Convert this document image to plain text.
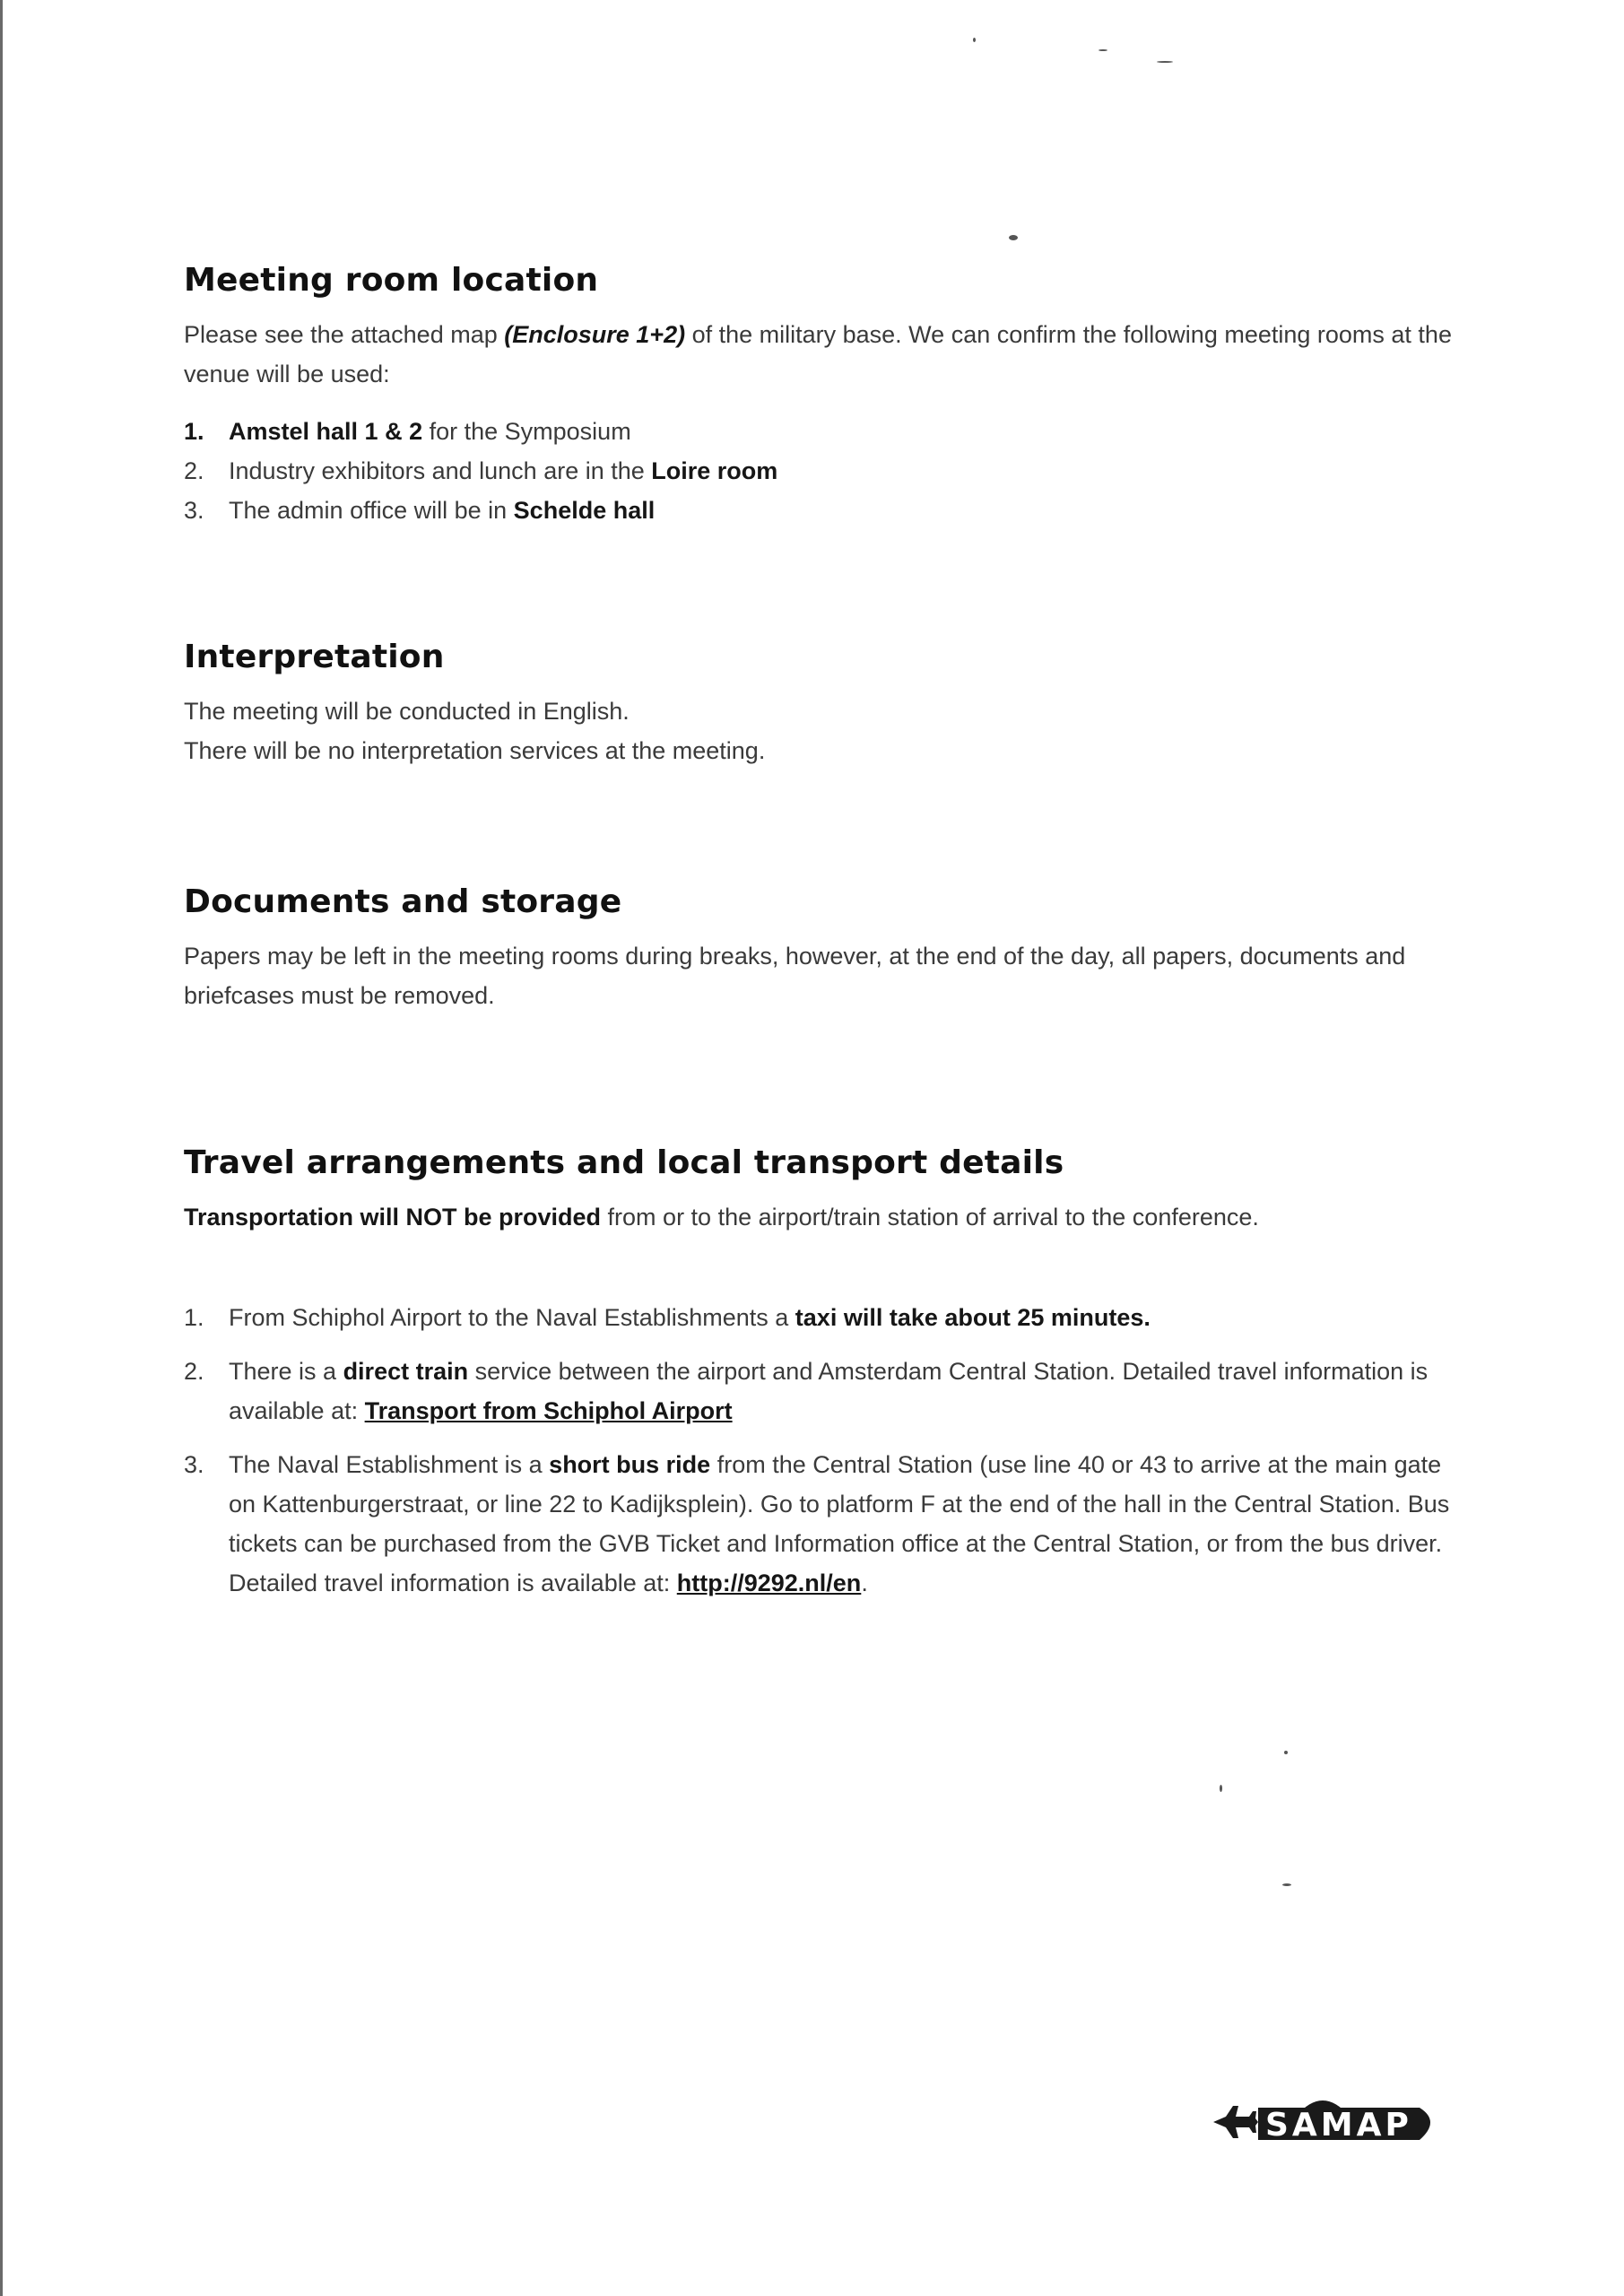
Meeting room location

Please see the attached map (Enclosure 1+2) of the military base. We can confirm the following meeting rooms at the venue will be used:

1. Amstel hall 1 & 2 for the Symposium
2. Industry exhibitors and lunch are in the Loire room
3. The admin office will be in Schelde hall
Interpretation

The meeting will be conducted in English.

There will be no interpretation services at the meeting.

Documents and storage

Papers may be left in the meeting rooms during breaks, however, at the end of the day, all papers, documents and briefcases must be removed.

Travel arrangements and local transport details

Transportation will NOT be provided from or to the airport/train station of arrival to the conference.

1. From Schiphol Airport to the Naval Establishments a taxi will take about 25 minutes.
2. There is a direct train service between the airport and Amsterdam Central Station. Detailed travel information is available at: Transport from Schiphol Airport
3. The Naval Establishment is a short bus ride from the Central Station (use line 40 or 43 to arrive at the main gate on Kattenburgerstraat, or line 22 to Kadijksplein). Go to platform F at the end of the hall in the Central Station. Bus tickets can be purchased from the GVB Ticket and Information office at the Central Station, or from the bus driver. Detailed travel information is available at: http://9292.nl/en.
SAMAP
